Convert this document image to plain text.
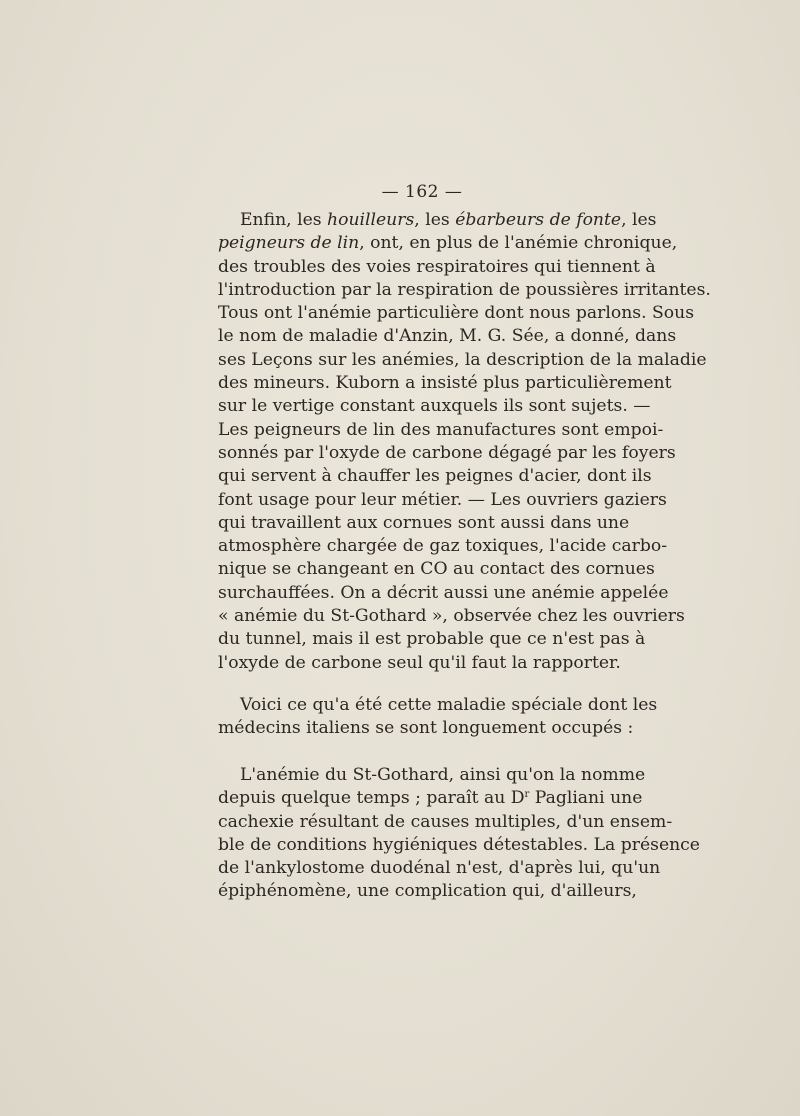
— 162 —
Enfin, les houilleurs, les ébarbeurs de fonte, les
peigneurs de lin, ont, en plus de l'anémie chronique,
des troubles des voies respiratoires qui tiennent à
l'introduction par la respiration de poussières irritantes.
Tous ont l'anémie particulière dont nous parlons. Sous
le nom de maladie d'Anzin, M. G. Sée, a donné, dans
ses Leçons sur les anémies, la description de la maladie
des mineurs. Kuborn a insisté plus particulièrement
sur le vertige constant auxquels ils sont sujets. —
Les peigneurs de lin des manufactures sont empoi-
sonnés par l'oxyde de carbone dégagé par les foyers
qui servent à chauffer les peignes d'acier, dont ils
font usage pour leur métier. — Les ouvriers gaziers
qui travaillent aux cornues sont aussi dans une
atmosphère chargée de gaz toxiques, l'acide carbo-
nique se changeant en CO au contact des cornues
surchauffées. On a décrit aussi une anémie appelée
« anémie du St-Gothard », observée chez les ouvriers
du tunnel, mais il est probable que ce n'est pas à
l'oxyde de carbone seul qu'il faut la rapporter.
Voici ce qu'a été cette maladie spéciale dont les
médecins italiens se sont longuement occupés :
L'anémie du St-Gothard, ainsi qu'on la nomme
depuis quelque temps ; paraît au $D^r$ Pagliani une
cachexie résultant de causes multiples, d'un ensem-
ble de conditions hygiéniques détestables. La présence
de l'ankylostome duodénal n'est, d'après lui, qu'un
épiphénomène, une complication qui, d'ailleurs,
